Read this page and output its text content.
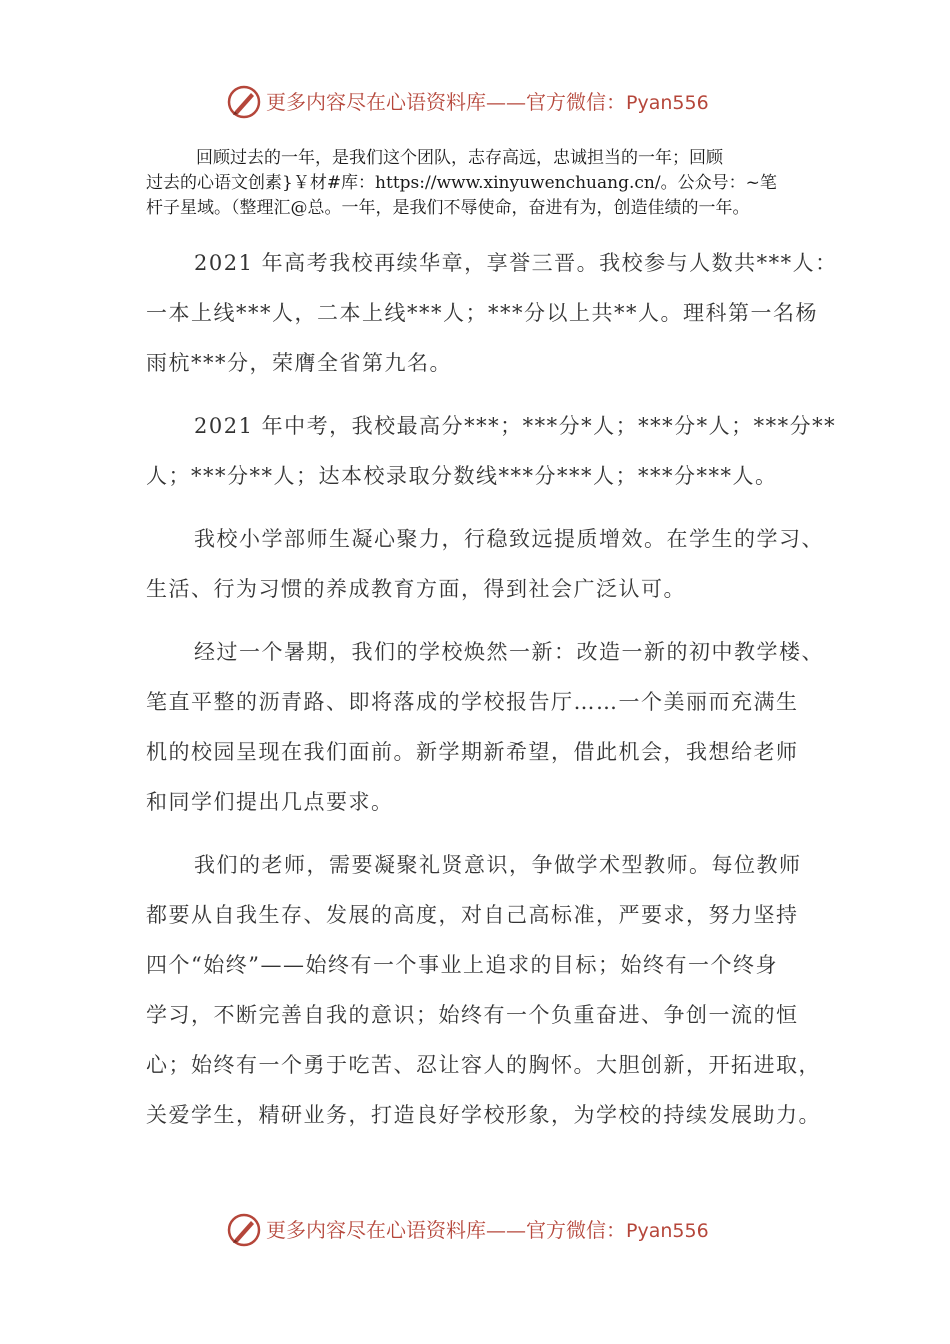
更多内容尽在心语资料库——官方微信：Pyan556
回顾过去的一年，是我们这个团队，志存高远，忠诚担当的一年；回顾
过去的心语文创素}￥材#库：https://www.xinyuwenchuang.cn/。公众号：~笔
杆子星域。（整理汇@总。一年，是我们不辱使命，奋进有为，创造佳绩的一年。
2021 年高考我校再续华章，享誉三晋。我校参与人数共***人：
一本上线***人，二本上线***人；***分以上共**人。理科第一名杨
雨杭***分，荣膺全省第九名。
2021 年中考，我校最高分***；***分*人；***分*人；***分**
人；***分**人；达本校录取分数线***分***人；***分***人。
我校小学部师生凝心聚力，行稳致远提质增效。在学生的学习、
生活、行为习惯的养成教育方面，得到社会广泛认可。
经过一个暑期，我们的学校焕然一新：改造一新的初中教学楼、
笔直平整的沥青路、即将落成的学校报告厅……一个美丽而充满生
机的校园呈现在我们面前。新学期新希望，借此机会，我想给老师
和同学们提出几点要求。
我们的老师，需要凝聚礼贤意识，争做学术型教师。每位教师
都要从自我生存、发展的高度，对自己高标准，严要求，努力坚持
四个“始终”——始终有一个事业上追求的目标；始终有一个终身
学习，不断完善自我的意识；始终有一个负重奋进、争创一流的恒
心；始终有一个勇于吃苦、忍让容人的胸怀。大胆创新，开拓进取，
关爱学生，精研业务，打造良好学校形象，为学校的持续发展助力。
更多内容尽在心语资料库——官方微信：Pyan556
